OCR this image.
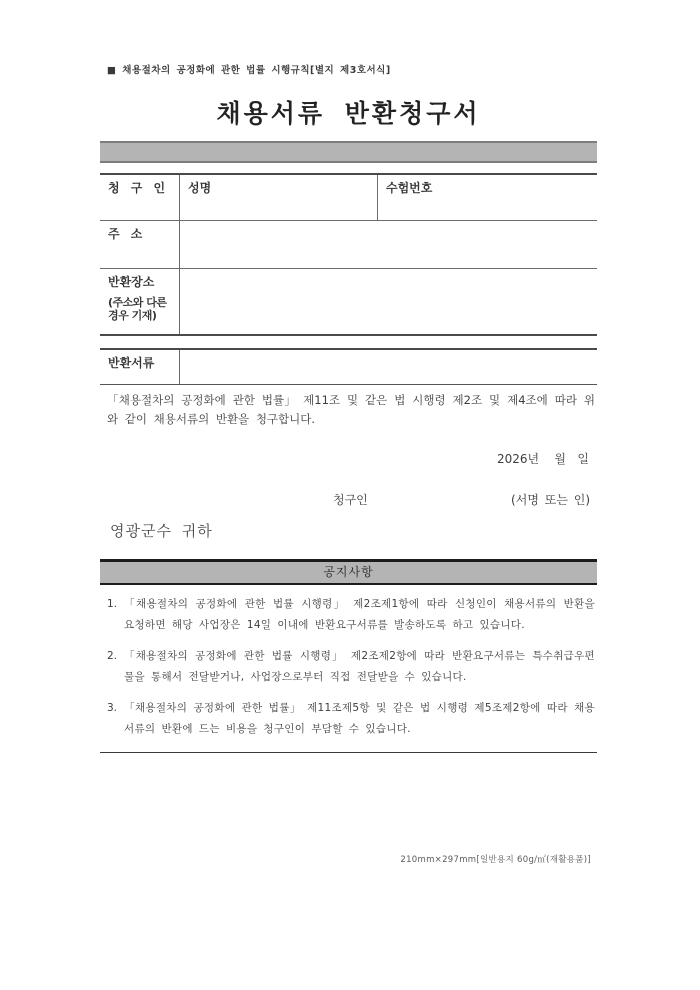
■ 채용절차의 공정화에 관한 법률 시행규칙[별지 제3호서식]
채용서류 반환청구서
청 구 인	성명	수험번호
주 소
반환장소
(주소와 다른 경우 기재)
반환서류
「채용절차의 공정화에 관한 법률」 제11조 및 같은 법 시행령 제2조 및 제4조에 따라 위와 같이 채용서류의 반환을 청구합니다.
2026년    월   일
청구인	(서명 또는 인)
영광군수 귀하
공지사항
1. 「채용절차의 공정화에 관한 법률 시행령」 제2조제1항에 따라 신청인이 채용서류의 반환을 요청하면 해당 사업장은 14일 이내에 반환요구서류를 발송하도록 하고 있습니다.
2. 「채용절차의 공정화에 관한 법률 시행령」 제2조제2항에 따라 반환요구서류는 특수취급우편물을 통해서 전달받거나, 사업장으로부터 직접 전달받을 수 있습니다.
3. 「채용절차의 공정화에 관한 법률」 제11조제5항 및 같은 법 시행령 제5조제2항에 따라 채용서류의 반환에 드는 비용을 청구인이 부담할 수 있습니다.
210mm×297mm[일반용지 60g/㎡(재활용품)]
